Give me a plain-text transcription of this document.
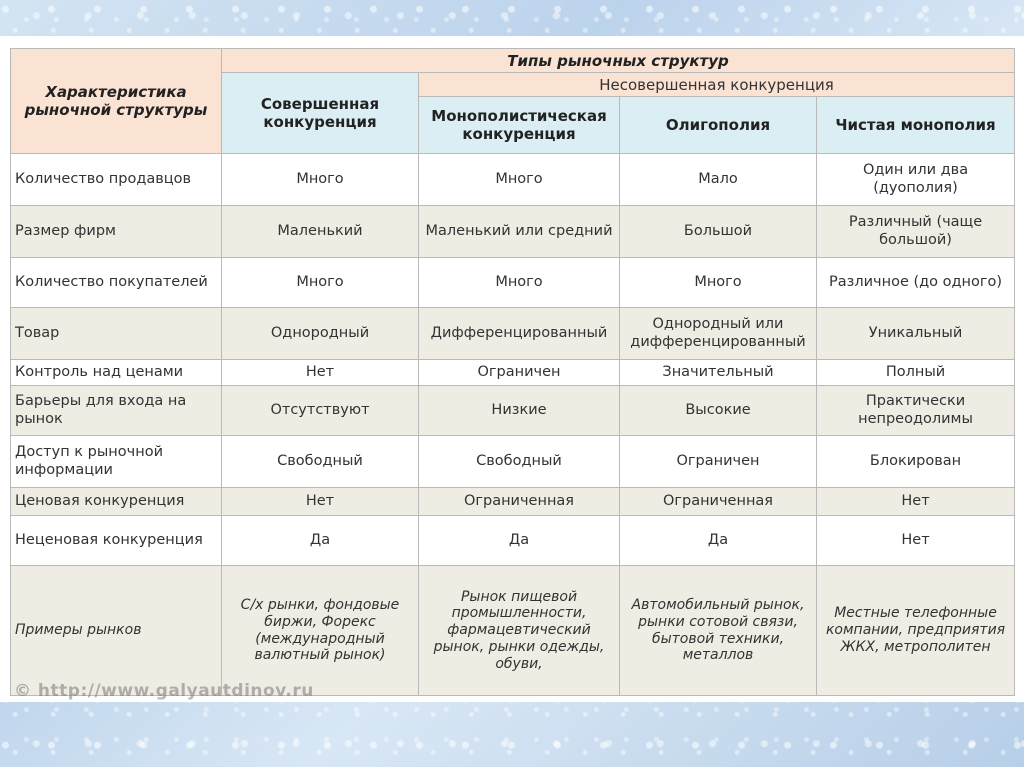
Характеристика рыночной структуры	Типы рыночных структур			
	Совершенная конкуренция	Несовершенная конкуренция		
		Монополистическая конкуренция	Олигополия	Чистая монополия
Количество продавцов	Много	Много	Мало	Один или два (дуополия)
Размер фирм	Маленький	Маленький или средний	Большой	Различный (чаще большой)
Количество покупателей	Много	Много	Много	Различное (до одного)
Товар	Однородный	Дифференцированный	Однородный или дифференцированный	Уникальный
Контроль над ценами	Нет	Ограничен	Значительный	Полный
Барьеры для входа на рынок	Отсутствуют	Низкие	Высокие	Практически непреодолимы
Доступ к рыночной информации	Свободный	Свободный	Ограничен	Блокирован
Ценовая конкуренция	Нет	Ограниченная	Ограниченная	Нет
Неценовая конкуренция	Да	Да	Да	Нет
Примеры рынков	С/х рынки, фондовые биржи, Форекс (международный валютный рынок)	Рынок пищевой промышленности, фармацевтический рынок, рынки одежды, обуви,	Автомобильный рынок, рынки сотовой связи, бытовой техники, металлов	Местные телефонные компании, предприятия ЖКХ, метрополитен
© http://www.galyautdinov.ru
